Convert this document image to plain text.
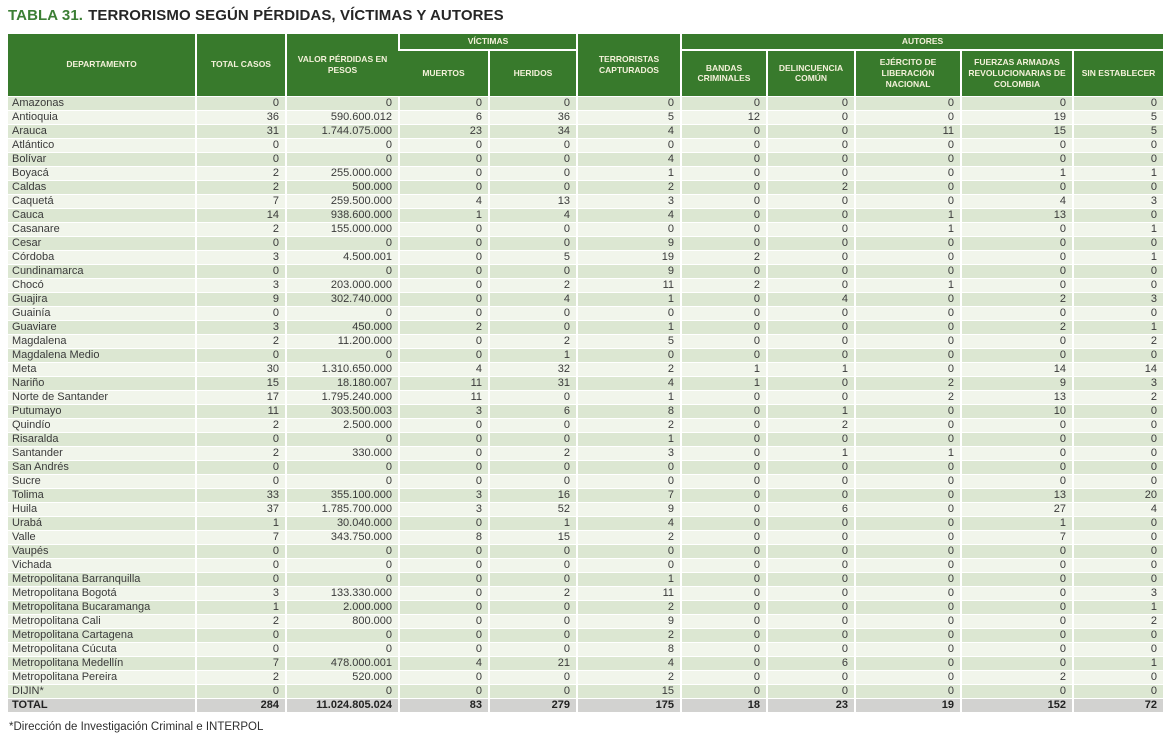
TABLA 31. TERRORISMO SEGÚN PÉRDIDAS, VÍCTIMAS Y AUTORES
DEPARTAMENTO	TOTAL CASOS	VALOR PÉRDIDAS EN PESOS	VÍCTIMAS		TERRORISTAS CAPTURADOS	AUTORES				
			MUERTOS	HERIDOS		BANDAS CRIMINALES	DELINCUENCIA COMÚN	EJÉRCITO DE LIBERACIÓN NACIONAL	FUERZAS ARMADAS REVOLUCIONARIAS DE COLOMBIA	SIN ESTABLECER
Amazonas	0	0	0	0	0	0	0	0	0	0
Antioquia	36	590.600.012	6	36	5	12	0	0	19	5
Arauca	31	1.744.075.000	23	34	4	0	0	11	15	5
Atlántico	0	0	0	0	0	0	0	0	0	0
Bolívar	0	0	0	0	4	0	0	0	0	0
Boyacá	2	255.000.000	0	0	1	0	0	0	1	1
Caldas	2	500.000	0	0	2	0	2	0	0	0
Caquetá	7	259.500.000	4	13	3	0	0	0	4	3
Cauca	14	938.600.000	1	4	4	0	0	1	13	0
Casanare	2	155.000.000	0	0	0	0	0	1	0	1
Cesar	0	0	0	0	9	0	0	0	0	0
Córdoba	3	4.500.001	0	5	19	2	0	0	0	1
Cundinamarca	0	0	0	0	9	0	0	0	0	0
Chocó	3	203.000.000	0	2	11	2	0	1	0	0
Guajira	9	302.740.000	0	4	1	0	4	0	2	3
Guainía	0	0	0	0	0	0	0	0	0	0
Guaviare	3	450.000	2	0	1	0	0	0	2	1
Magdalena	2	11.200.000	0	2	5	0	0	0	0	2
Magdalena Medio	0	0	0	1	0	0	0	0	0	0
Meta	30	1.310.650.000	4	32	2	1	1	0	14	14
Nariño	15	18.180.007	11	31	4	1	0	2	9	3
Norte de Santander	17	1.795.240.000	11	0	1	0	0	2	13	2
Putumayo	11	303.500.003	3	6	8	0	1	0	10	0
Quindío	2	2.500.000	0	0	2	0	2	0	0	0
Risaralda	0	0	0	0	1	0	0	0	0	0
Santander	2	330.000	0	2	3	0	1	1	0	0
San Andrés	0	0	0	0	0	0	0	0	0	0
Sucre	0	0	0	0	0	0	0	0	0	0
Tolima	33	355.100.000	3	16	7	0	0	0	13	20
Huila	37	1.785.700.000	3	52	9	0	6	0	27	4
Urabá	1	30.040.000	0	1	4	0	0	0	1	0
Valle	7	343.750.000	8	15	2	0	0	0	7	0
Vaupés	0	0	0	0	0	0	0	0	0	0
Vichada	0	0	0	0	0	0	0	0	0	0
Metropolitana Barranquilla	0	0	0	0	1	0	0	0	0	0
Metropolitana Bogotá	3	133.330.000	0	2	11	0	0	0	0	3
Metropolitana Bucaramanga	1	2.000.000	0	0	2	0	0	0	0	1
Metropolitana Cali	2	800.000	0	0	9	0	0	0	0	2
Metropolitana Cartagena	0	0	0	0	2	0	0	0	0	0
Metropolitana Cúcuta	0	0	0	0	8	0	0	0	0	0
Metropolitana Medellín	7	478.000.001	4	21	4	0	6	0	0	1
Metropolitana Pereira	2	520.000	0	0	2	0	0	0	2	0
DIJIN*	0	0	0	0	15	0	0	0	0	0
TOTAL	284	11.024.805.024	83	279	175	18	23	19	152	72
*Dirección de Investigación Criminal e INTERPOL
